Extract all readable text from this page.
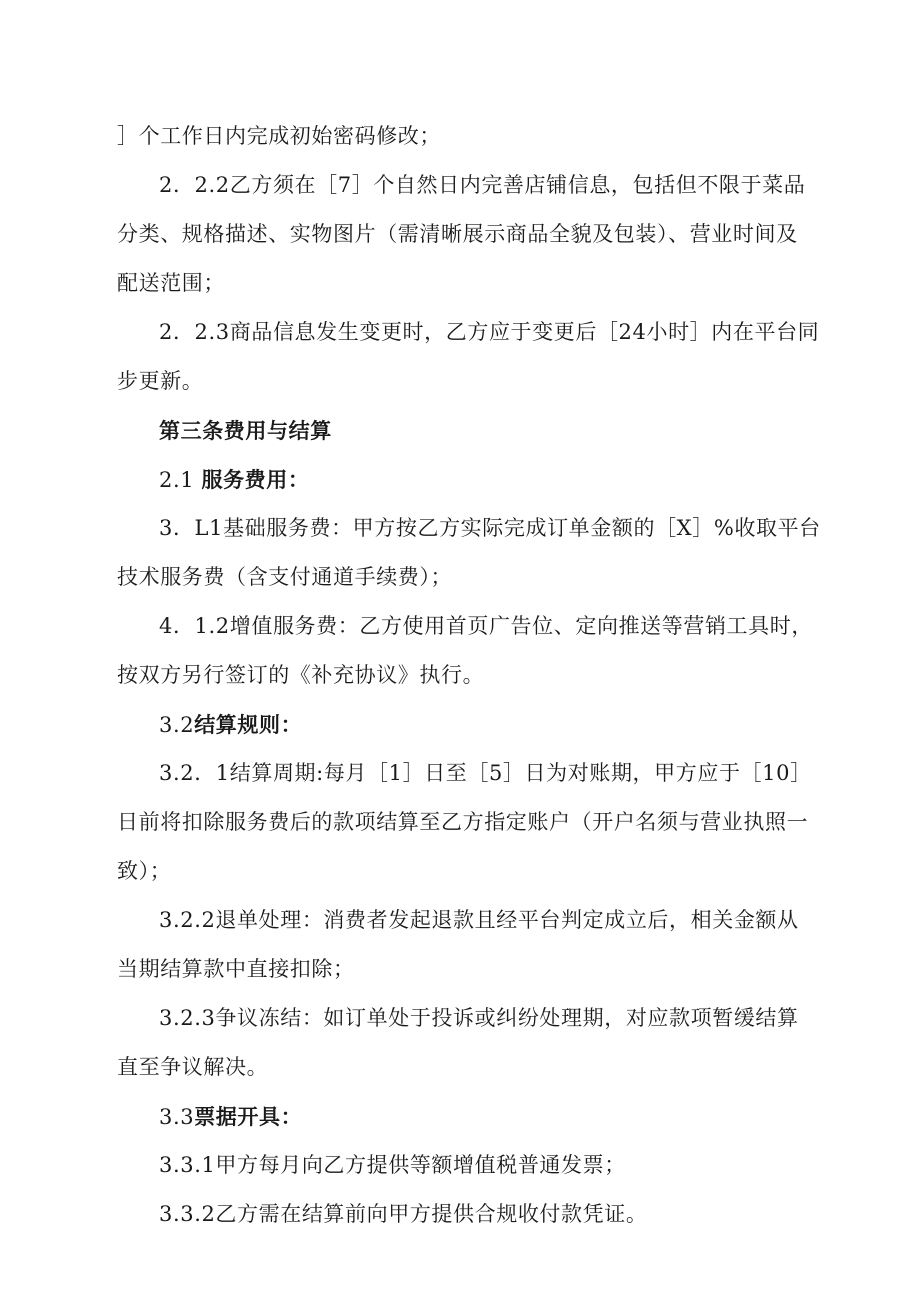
］个工作日内完成初始密码修改；
2．2.2乙方须在［7］个自然日内完善店铺信息，包括但不限于菜品
分类、规格描述、实物图片（需清晰展示商品全貌及包装）、营业时间及
配送范围；
2．2.3商品信息发生变更时，乙方应于变更后［24小时］内在平台同
步更新。
第三条费用与结算
2.1 服务费用：
3．L1基础服务费：甲方按乙方实际完成订单金额的［X］%收取平台
技术服务费（含支付通道手续费）；
4．1.2增值服务费：乙方使用首页广告位、定向推送等营销工具时，
按双方另行签订的《补充协议》执行。
3.2结算规则：
3.2．1结算周期:每月［1］日至［5］日为对账期，甲方应于［10］
日前将扣除服务费后的款项结算至乙方指定账户（开户名须与营业执照一
致）；
3.2.2退单处理：消费者发起退款且经平台判定成立后，相关金额从
当期结算款中直接扣除；
3.2.3争议冻结：如订单处于投诉或纠纷处理期，对应款项暂缓结算
直至争议解决。
3.3票据开具：
3.3.1甲方每月向乙方提供等额增值税普通发票；
3.3.2乙方需在结算前向甲方提供合规收付款凭证。
